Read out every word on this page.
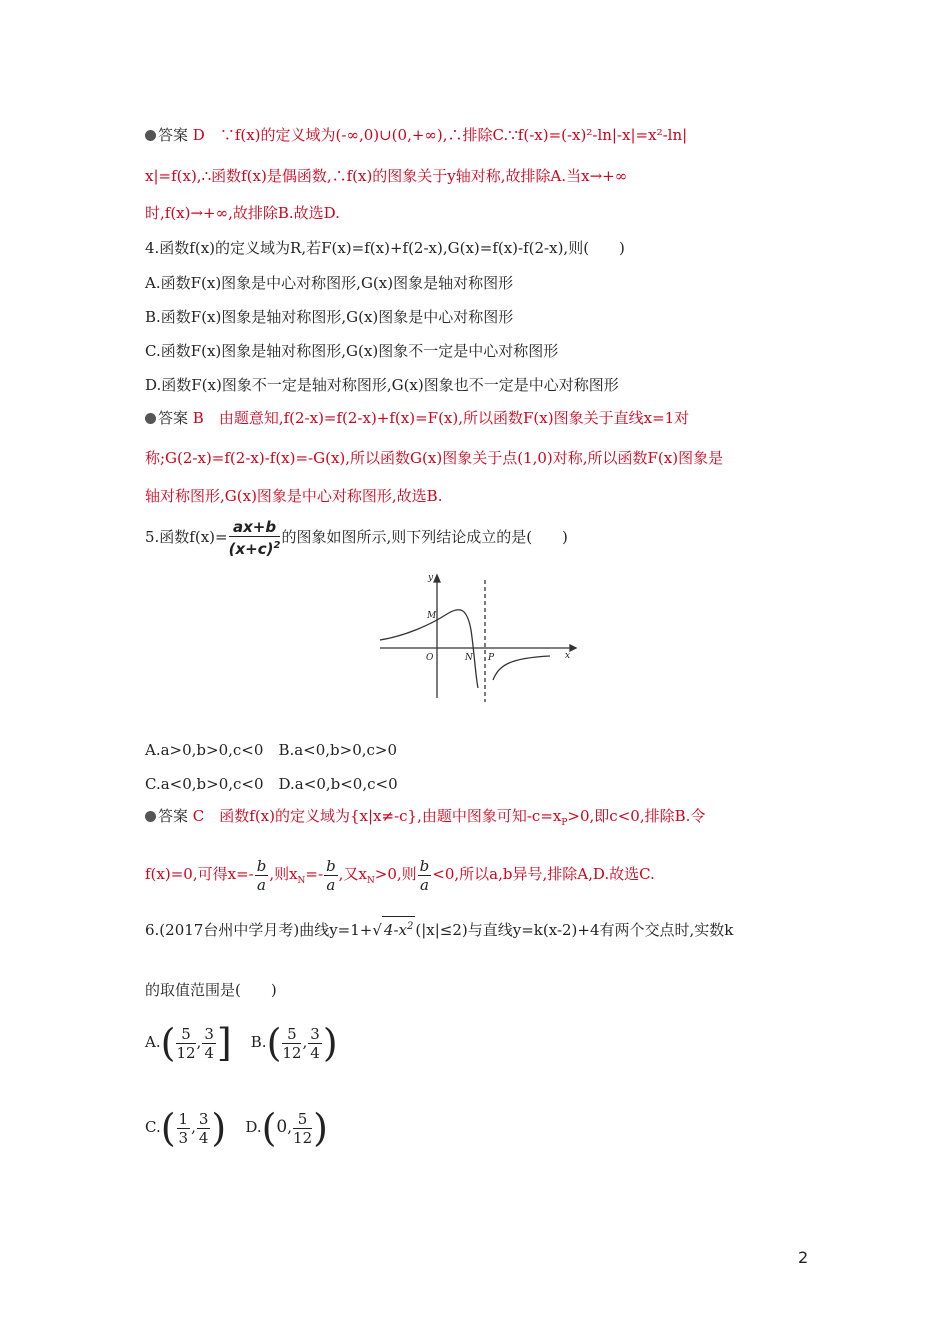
答案 D　∵f(x)的定义域为(-∞,0)∪(0,+∞),∴排除C.∵f(-x)=(-x)²-ln|-x|=x²-ln|
x|=f(x),∴函数f(x)是偶函数,∴f(x)的图象关于y轴对称,故排除A.当x→+∞
时,f(x)→+∞,故排除B.故选D.
4.函数f(x)的定义域为R,若F(x)=f(x)+f(2-x),G(x)=f(x)-f(2-x),则(　　)
A.函数F(x)图象是中心对称图形,G(x)图象是轴对称图形
B.函数F(x)图象是轴对称图形,G(x)图象是中心对称图形
C.函数F(x)图象是轴对称图形,G(x)图象不一定是中心对称图形
D.函数F(x)图象不一定是轴对称图形,G(x)图象也不一定是中心对称图形
答案 B　由题意知,f(2-x)=f(2-x)+f(x)=F(x),所以函数F(x)图象关于直线x=1对
称;G(2-x)=f(2-x)-f(x)=-G(x),所以函数G(x)图象关于点(1,0)对称,所以函数F(x)图象是
轴对称图形,G(x)图象是中心对称图形,故选B.
5.函数$f(x)= \frac{ax+b}{(x+c)^2}$ 的图象如图所示,则下列结论成立的是(　　)
y
x
M
O	N P
A.a>0,b>0,c<0　 B.a<0,b>0,c>0
C.a<0,b>0,c<0　 D.a<0,b<0,c<0
答案 C　函数f(x)的定义域为{x|x≠-c},由题中图象可知$-c=x_P>0$,即c<0,排除B.令
f(x)=0,可得$x=- \frac{b}{a}$ ,则$x_N=- \frac{b}{a}$ ,又$x_N>0$,则 $\frac{b}{a} <0$,所以a,b异号,排除A,D.故选C.
6.(2017台州中学月考)曲线y=1+√ $4-x^2$ (|x|≤2)与直线y=k(x-2)+4有两个交点时,实数k
的取值范围是(　　)
$A.( \frac{5}{12}$ , $\frac{3}{4}$ ] $B.( \frac{5}{12}$ , $\frac{3}{4}$ )
$C.( \frac{1}{3}$ , $\frac{3}{4}$ ) D.(0, $\frac{5}{12}$ )
2
